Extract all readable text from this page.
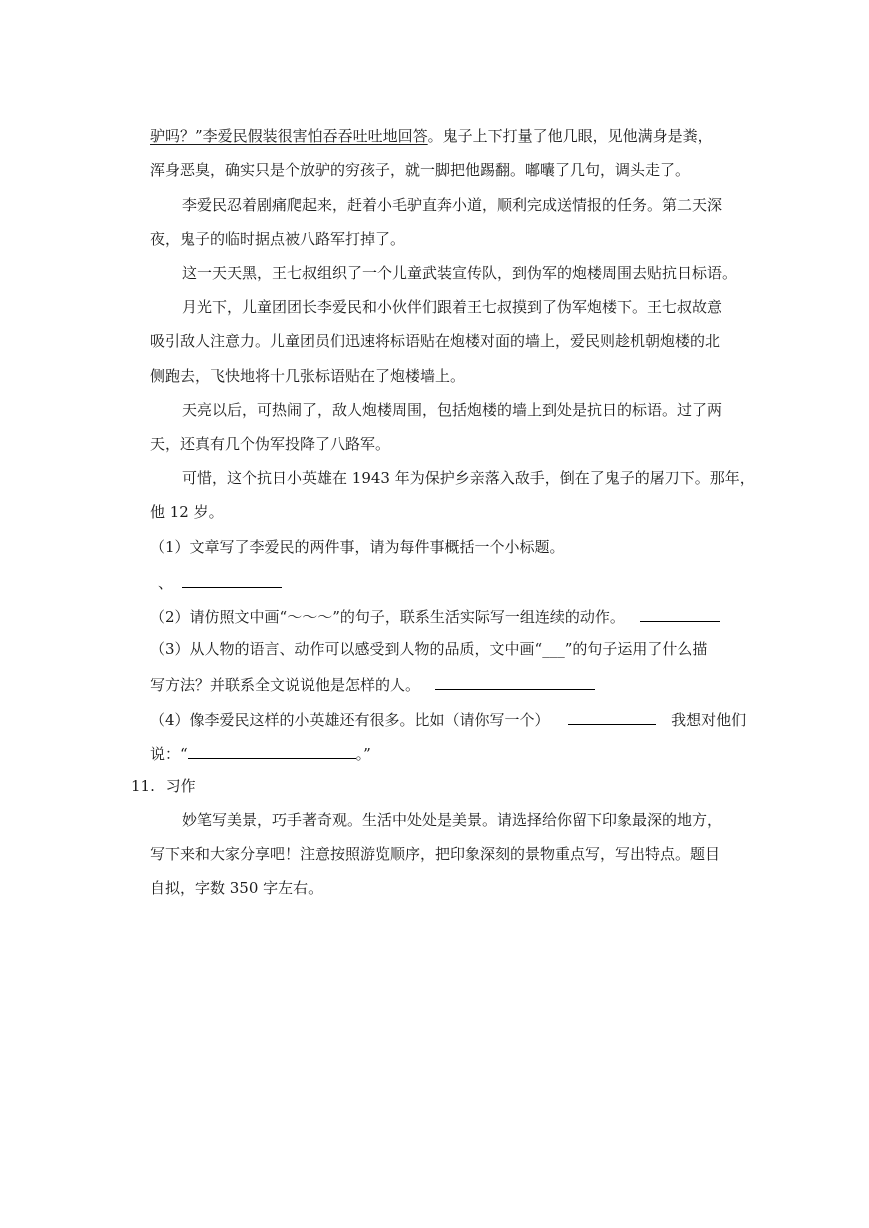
驴吗？”李爱民假装很害怕吞吞吐吐地回答。鬼子上下打量了他几眼，见他满身是粪，
浑身恶臭，确实只是个放驴的穷孩子，就一脚把他踢翻。嘟囔了几句，调头走了。
李爱民忍着剧痛爬起来，赶着小毛驴直奔小道，顺利完成送情报的任务。第二天深
夜，鬼子的临时据点被八路军打掉了。
这一天天黑，王七叔组织了一个儿童武装宣传队，到伪军的炮楼周围去贴抗日标语。
月光下，儿童团团长李爱民和小伙伴们跟着王七叔摸到了伪军炮楼下。王七叔故意
吸引敌人注意力。儿童团员们迅速将标语贴在炮楼对面的墙上，爱民则趁机朝炮楼的北
侧跑去，飞快地将十几张标语贴在了炮楼墙上。
天亮以后，可热闹了，敌人炮楼周围，包括炮楼的墙上到处是抗日的标语。过了两
天，还真有几个伪军投降了八路军。
可惜，这个抗日小英雄在 1943 年为保护乡亲落入敌手，倒在了鬼子的屠刀下。那年，
他 12 岁。
（1）文章写了李爱民的两件事，请为每件事概括一个小标题。
、
（2）请仿照文中画“～～～”的句子，联系生活实际写一组连续的动作。
（3）从人物的语言、动作可以感受到人物的品质，文中画“___”的句子运用了什么描
写方法？并联系全文说说他是怎样的人。
（4）像李爱民这样的小英雄还有很多。比如（请你写一个）	我想对他们
说：“	。”
11. 习作
妙笔写美景，巧手著奇观。生活中处处是美景。请选择给你留下印象最深的地方，
写下来和大家分享吧！注意按照游览顺序，把印象深刻的景物重点写，写出特点。题目
自拟，字数 350 字左右。
